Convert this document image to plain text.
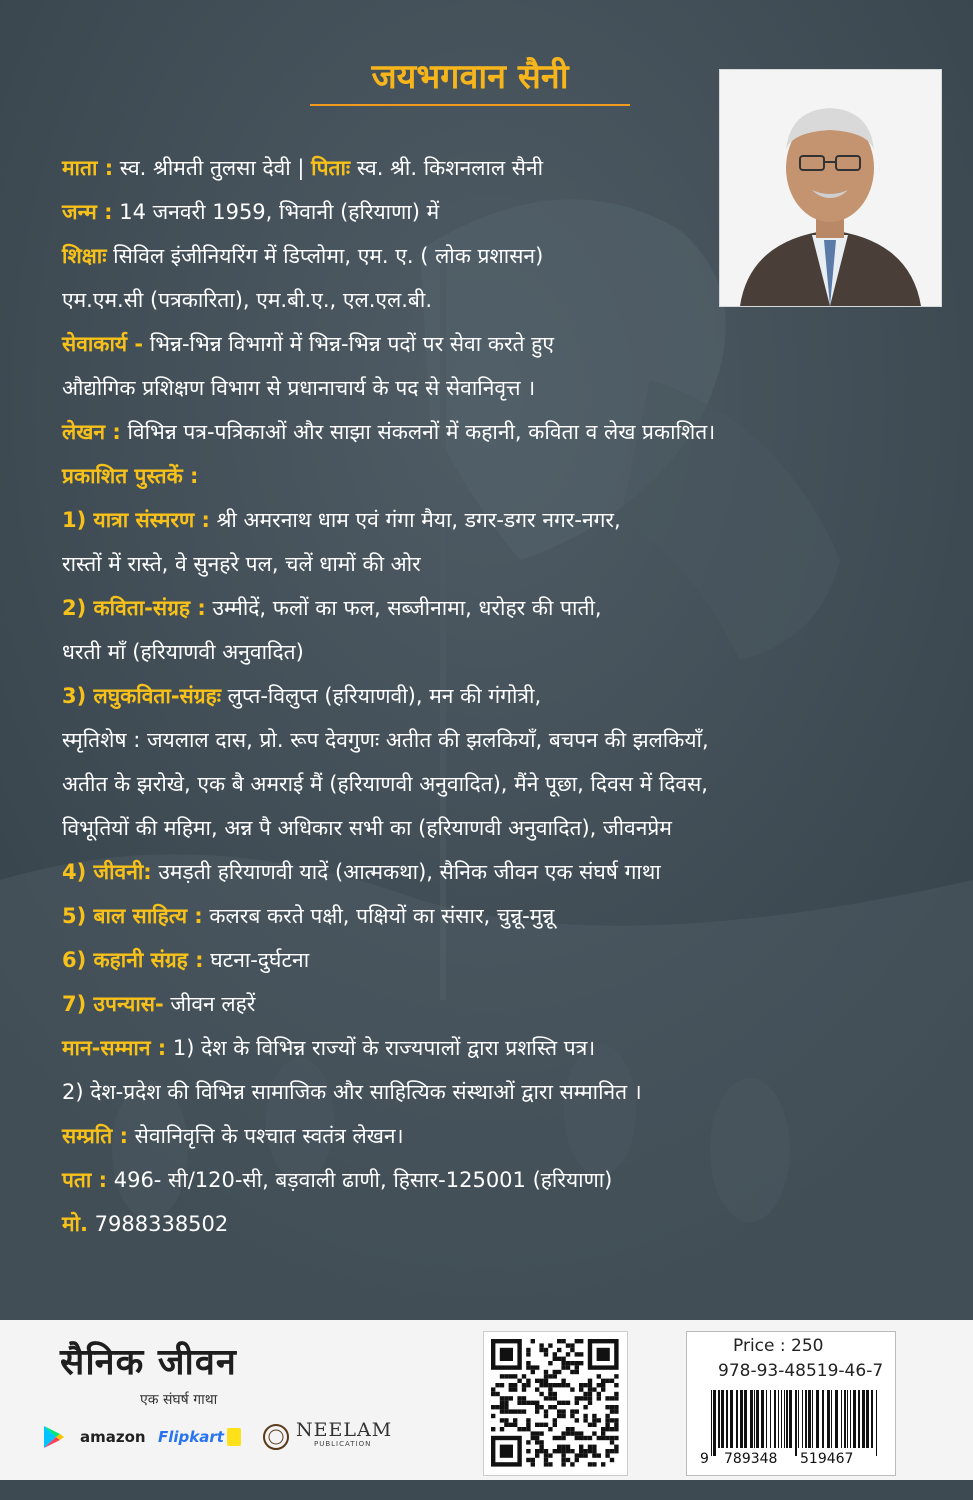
जयभगवान सैनी
माता : स्व. श्रीमती तुलसा देवी | पिताः स्व. श्री. किशनलाल सैनी
जन्म : 14 जनवरी 1959, भिवानी (हरियाणा) में
शिक्षाः सिविल इंजीनियरिंग में डिप्लोमा, एम. ए. ( लोक प्रशासन)
एम.एम.सी (पत्रकारिता), एम.बी.ए., एल.एल.बी.
सेवाकार्य - भिन्न-भिन्न विभागों में भिन्न-भिन्न पदों पर सेवा करते हुए
औद्योगिक प्रशिक्षण विभाग से प्रधानाचार्य के पद से सेवानिवृत्त ।
लेखन : विभिन्न पत्र-पत्रिकाओं और साझा संकलनों में कहानी, कविता व लेख प्रकाशित।
प्रकाशित पुस्तकें :
1) यात्रा संस्मरण : श्री अमरनाथ धाम एवं गंगा मैया, डगर-डगर नगर-नगर,
रास्तों में रास्ते, वे सुनहरे पल, चलें धामों की ओर
2) कविता-संग्रह : उम्मीदें, फलों का फल, सब्जीनामा, धरोहर की पाती,
धरती माँ (हरियाणवी अनुवादित)
3) लघुकविता-संग्रहः लुप्त-विलुप्त (हरियाणवी), मन की गंगोत्री,
स्मृतिशेष : जयलाल दास, प्रो. रूप देवगुणः अतीत की झलकियाँ, बचपन की झलकियाँ,
अतीत के झरोखे, एक बै अमराई मैं (हरियाणवी अनुवादित), मैंने पूछा, दिवस में दिवस,
विभूतियों की महिमा, अन्न पै अधिकार सभी का (हरियाणवी अनुवादित), जीवनप्रेम
4) जीवनी: उमड़ती हरियाणवी यादें (आत्मकथा), सैनिक जीवन एक संघर्ष गाथा
5) बाल साहित्य : कलरब करते पक्षी, पक्षियों का संसार, चुन्नू-मुन्नू
6) कहानी संग्रह : घटना-दुर्घटना
7) उपन्यास- जीवन लहरें
मान-सम्मान : 1) देश के विभिन्न राज्यों के राज्यपालों द्वारा प्रशस्ति पत्र।
2) देश-प्रदेश की विभिन्न सामाजिक और साहित्यिक संस्थाओं द्वारा सम्मानित ।
सम्प्रति : सेवानिवृत्ति के पश्चात स्वतंत्र लेखन।
पता : 496- सी/120-सी, बड़वाली ढाणी, हिसार-125001 (हरियाणा)
मो. 7988338502
सैनिक जीवन
एक संघर्ष गाथा
amazon Flipkart	NEELAM
PUBLICATION
Price : 250
978-93-48519-46-7
9 789348 519467
